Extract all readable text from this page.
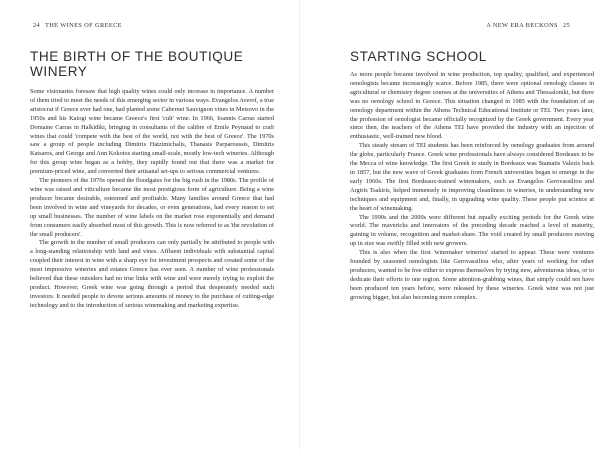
24 THE WINES OF GREECE
THE BIRTH OF THE BOUTIQUE WINERY

Some visionaries foresaw that high quality wines could only increase in importance. A number of them tried to meet the needs of this emerging sector in various ways. Evangelos Averof, a true aristocrat if Greece ever had one, had planted some Cabernet Sauvignon vines in Metsovo in the 1950s and his Katogi wine became Greece's first 'cult' wine. In 1966, Ioannis Carras started Domaine Carras in Halkidiki, bringing in consultants of the calibre of Emile Peynaud to craft wines that could 'compete with the best of the world, not with the best of Greece'. The 1970s saw a group of people including Dimitris Hatzimichalis, Thanasis Parparoussis, Dimitris Katsaros, and George and Ann Kokotos starting small-scale, mostly low-tech wineries. Although for this group wine began as a hobby, they rapidly found out that there was a market for premium-priced wine, and converted their artisanal set-ups to serious commercial ventures.

The pioneers of the 1970s opened the floodgates for the big rush in the 1980s. The profile of wine was raised and viticulture became the most prestigious form of agriculture. Being a wine producer became desirable, esteemed and profitable. Many families around Greece that had been involved in wine and vineyards for decades, or even generations, had every reason to set up small businesses. The number of wine labels on the market rose exponentially and demand from consumers easily absorbed most of this growth. This is now referred to as 'the revolution of the small producers'.

The growth in the number of small producers can only partially be attributed to people with a long-standing relationship with land and vines. Affluent individuals with substantial capital coupled their interest in wine with a sharp eye for investment prospects and created some of the most impressive wineries and estates Greece has ever seen. A number of wine professionals believed that these outsiders had no true links with wine and were merely trying to exploit the product. However, Greek wine was going through a period that desperately needed such investors. It needed people to devote serious amounts of money to the purchase of cutting-edge technology and to the introduction of serious winemaking and marketing expertise.

A NEW ERA BECKONS 25
STARTING SCHOOL

As more people became involved in wine production, top quality, qualified, and experienced oenologists became increasingly scarce. Before 1985, there were optional oenology classes in agricultural or chemistry degree courses at the universities of Athens and Thessaloniki, but there was no oenology school in Greece. This situation changed in 1985 with the foundation of an oenology department within the Athens Technical Educational Institute or TEI. Two years later, the profession of oenologist became officially recognized by the Greek government. Every year since then, the teachers of the Athens TEI have provided the industry with an injection of enthusiastic, well-trained new blood.

This steady stream of TEI students has been reinforced by oenology graduates from around the globe, particularly France. Greek wine professionals have always considered Bordeaux to be the Mecca of wine knowledge. The first Greek to study in Bordeaux was Stamatis Valezis back in 1857, but the new wave of Greek graduates from French universities began to emerge in the early 1960s. The first Bordeaux-trained winemakers, such as Evangelos Gerovassiliou and Argiris Tsakiris, helped immensely in improving cleanliness in wineries, in understanding new techniques and equipment and, finally, in upgrading wine quality. These people put science at the heart of winemaking.

The 1990s and the 2000s were different but equally exciting periods for the Greek wine world. The mavericks and innovators of the preceding decade reached a level of maturity, gaining in volume, recognition and market-share. The void created by small producers moving up in size was swiftly filled with new growers.

This is also when the first 'winemaker wineries' started to appear. These were ventures founded by seasoned oenologists like Gerovassiliou who, after years of working for other producers, wanted to be free either to express themselves by trying new, adventurous ideas, or to dedicate their efforts to one region. Some attention-grabbing wines, that simply could not have been produced ten years before, were released by these wineries. Greek wine was not just growing bigger, but also becoming more complex.
